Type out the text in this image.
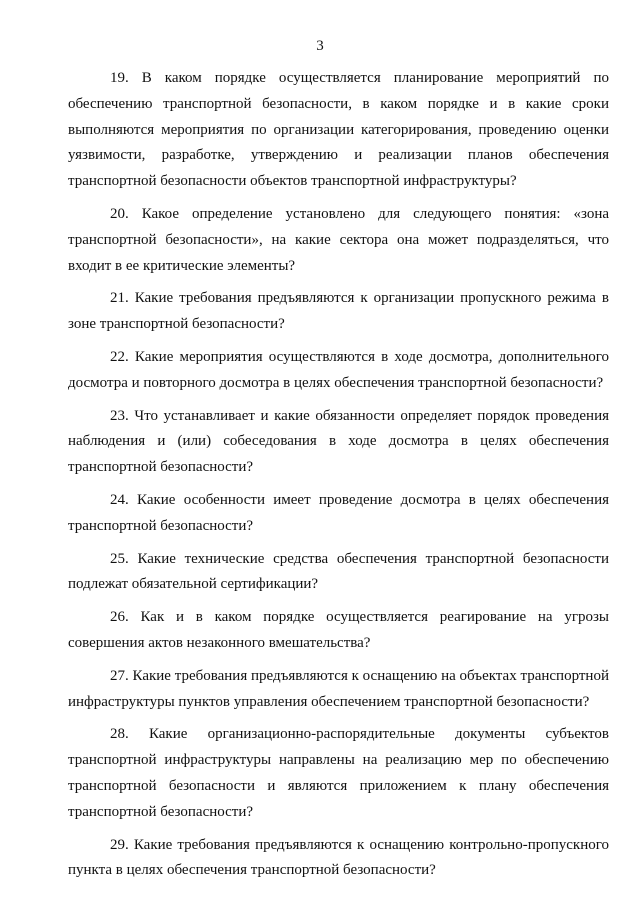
3

19. В каком порядке осуществляется планирование мероприятий по обеспечению транспортной безопасности, в каком порядке и в какие сроки выполняются мероприятия по организации категорирования, проведению оценки уязвимости, разработке, утверждению и реализации планов обеспечения транспортной безопасности объектов транспортной инфраструктуры?

20. Какое определение установлено для следующего понятия: «зона транспортной безопасности», на какие сектора она может подразделяться, что входит в ее критические элементы?

21. Какие требования предъявляются к организации пропускного режима в зоне транспортной безопасности?

22. Какие мероприятия осуществляются в ходе досмотра, дополнительного досмотра и повторного досмотра в целях обеспечения транспортной безопасности?

23. Что устанавливает и какие обязанности определяет порядок проведения наблюдения и (или) собеседования в ходе досмотра в целях обеспечения транспортной безопасности?

24. Какие особенности имеет проведение досмотра в целях обеспечения транспортной безопасности?

25. Какие технические средства обеспечения транспортной безопасности подлежат обязательной сертификации?

26. Как и в каком порядке осуществляется реагирование на угрозы совершения актов незаконного вмешательства?

27. Какие требования предъявляются к оснащению на объектах транспортной инфраструктуры пунктов управления обеспечением транспортной безопасности?

28. Какие организационно-распорядительные документы субъектов транспортной инфраструктуры направлены на реализацию мер по обеспечению транспортной безопасности и являются приложением к плану обеспечения транспортной безопасности?

29. Какие требования предъявляются к оснащению контрольно-пропускного пункта в целях обеспечения транспортной безопасности?
